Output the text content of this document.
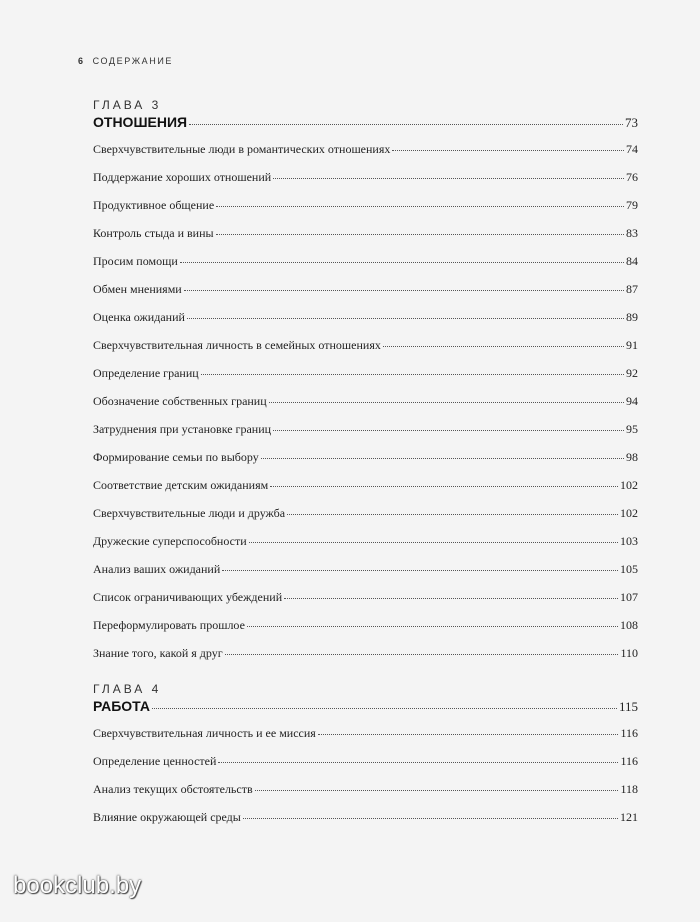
6 СОДЕРЖАНИЕ
ГЛАВА 3
ОТНОШЕНИЯ	73
Сверхчувствительные люди в романтических отношениях	74
Поддержание хороших отношений	76
Продуктивное общение	79
Контроль стыда и вины	83
Просим помощи	84
Обмен мнениями	87
Оценка ожиданий	89
Сверхчувствительная личность в семейных отношениях	91
Определение границ	92
Обозначение собственных границ	94
Затруднения при установке границ	95
Формирование семьи по выбору	98
Соответствие детским ожиданиям	102
Сверхчувствительные люди и дружба	102
Дружеские суперспособности	103
Анализ ваших ожиданий	105
Список ограничивающих убеждений	107
Переформулировать прошлое	108
Знание того, какой я друг	110
ГЛАВА 4
РАБОТА	115
Сверхчувствительная личность и ее миссия	116
Определение ценностей	116
Анализ текущих обстоятельств	118
Влияние окружающей среды	121
bookclub.by
